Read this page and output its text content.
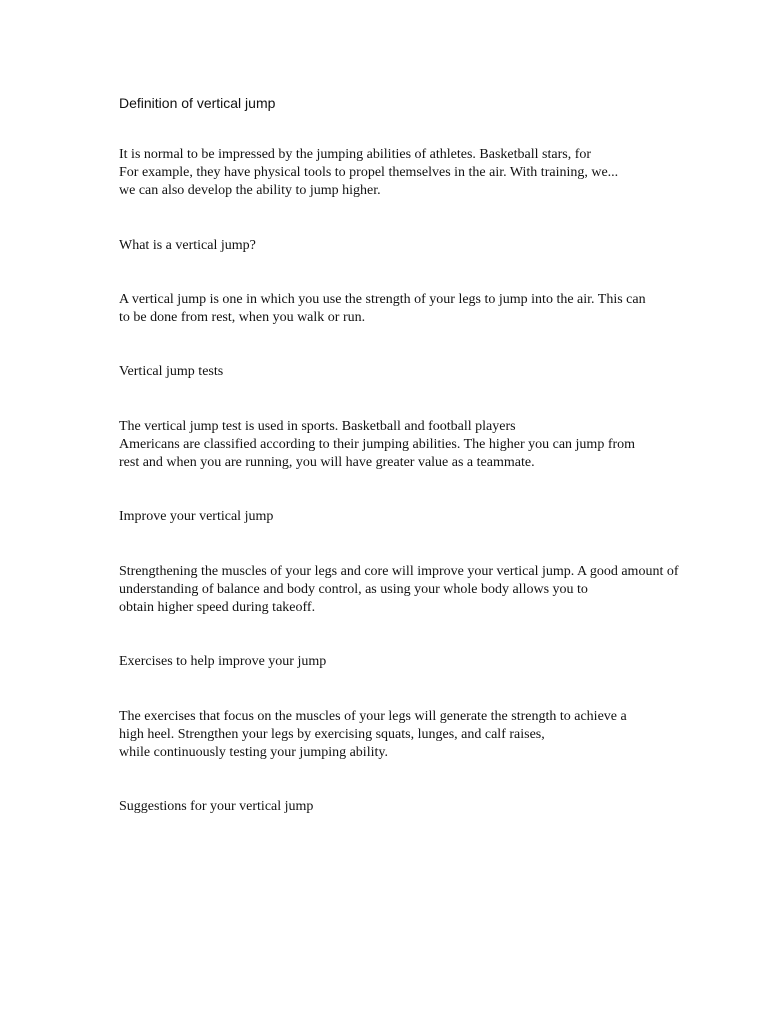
Definition of vertical jump
It is normal to be impressed by the jumping abilities of athletes. Basketball stars, for
For example, they have physical tools to propel themselves in the air. With training, we...
we can also develop the ability to jump higher.
What is a vertical jump?
A vertical jump is one in which you use the strength of your legs to jump into the air. This can
to be done from rest, when you walk or run.
Vertical jump tests
The vertical jump test is used in sports. Basketball and football players
Americans are classified according to their jumping abilities. The higher you can jump from
rest and when you are running, you will have greater value as a teammate.
Improve your vertical jump
Strengthening the muscles of your legs and core will improve your vertical jump. A good amount of
understanding of balance and body control, as using your whole body allows you to
obtain higher speed during takeoff.
Exercises to help improve your jump
The exercises that focus on the muscles of your legs will generate the strength to achieve a
high heel. Strengthen your legs by exercising squats, lunges, and calf raises,
while continuously testing your jumping ability.
Suggestions for your vertical jump
